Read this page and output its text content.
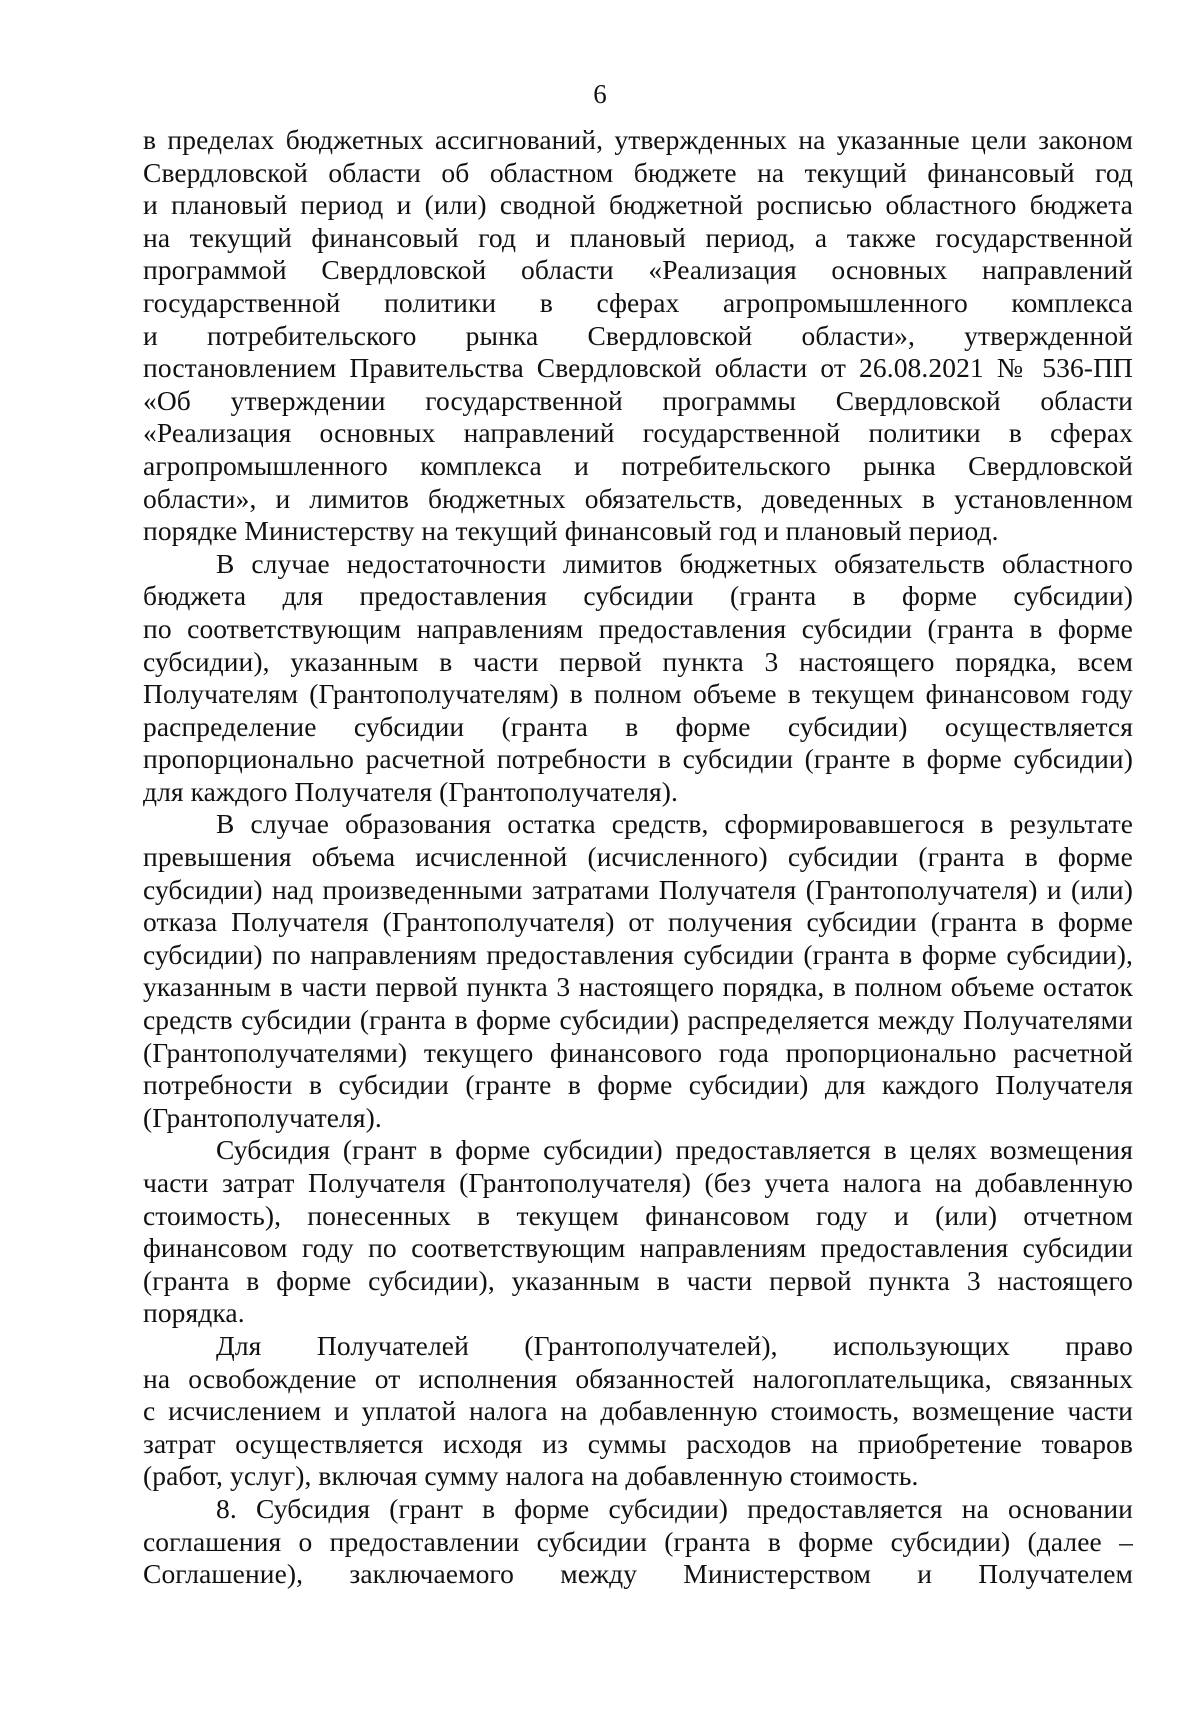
6
в пределах бюджетных ассигнований, утвержденных на указанные цели законом
Свердловской области об областном бюджете на текущий финансовый год
и плановый период и (или) сводной бюджетной росписью областного бюджета
на текущий финансовый год и плановый период, а также государственной
программой Свердловской области «Реализация основных направлений
государственной политики в сферах агропромышленного комплекса
и потребительского рынка Свердловской области», утвержденной
постановлением Правительства Свердловской области от 26.08.2021 № 536-ПП
«Об утверждении государственной программы Свердловской области
«Реализация основных направлений государственной политики в сферах
агропромышленного комплекса и потребительского рынка Свердловской
области», и лимитов бюджетных обязательств, доведенных в установленном
порядке Министерству на текущий финансовый год и плановый период.
В случае недостаточности лимитов бюджетных обязательств областного
бюджета для предоставления субсидии (гранта в форме субсидии)
по соответствующим направлениям предоставления субсидии (гранта в форме
субсидии), указанным в части первой пункта 3 настоящего порядка, всем
Получателям (Грантополучателям) в полном объеме в текущем финансовом году
распределение субсидии (гранта в форме субсидии) осуществляется
пропорционально расчетной потребности в субсидии (гранте в форме субсидии)
для каждого Получателя (Грантополучателя).
В случае образования остатка средств, сформировавшегося в результате
превышения объема исчисленной (исчисленного) субсидии (гранта в форме
субсидии) над произведенными затратами Получателя (Грантополучателя) и (или)
отказа Получателя (Грантополучателя) от получения субсидии (гранта в форме
субсидии) по направлениям предоставления субсидии (гранта в форме субсидии),
указанным в части первой пункта 3 настоящего порядка, в полном объеме остаток
средств субсидии (гранта в форме субсидии) распределяется между Получателями
(Грантополучателями) текущего финансового года пропорционально расчетной
потребности в субсидии (гранте в форме субсидии) для каждого Получателя
(Грантополучателя).
Субсидия (грант в форме субсидии) предоставляется в целях возмещения
части затрат Получателя (Грантополучателя) (без учета налога на добавленную
стоимость), понесенных в текущем финансовом году и (или) отчетном
финансовом году по соответствующим направлениям предоставления субсидии
(гранта в форме субсидии), указанным в части первой пункта 3 настоящего
порядка.
Для Получателей (Грантополучателей), использующих право
на освобождение от исполнения обязанностей налогоплательщика, связанных
с исчислением и уплатой налога на добавленную стоимость, возмещение части
затрат осуществляется исходя из суммы расходов на приобретение товаров
(работ, услуг), включая сумму налога на добавленную стоимость.
8. Субсидия (грант в форме субсидии) предоставляется на основании
соглашения о предоставлении субсидии (гранта в форме субсидии) (далее –
Соглашение), заключаемого между Министерством и Получателем
